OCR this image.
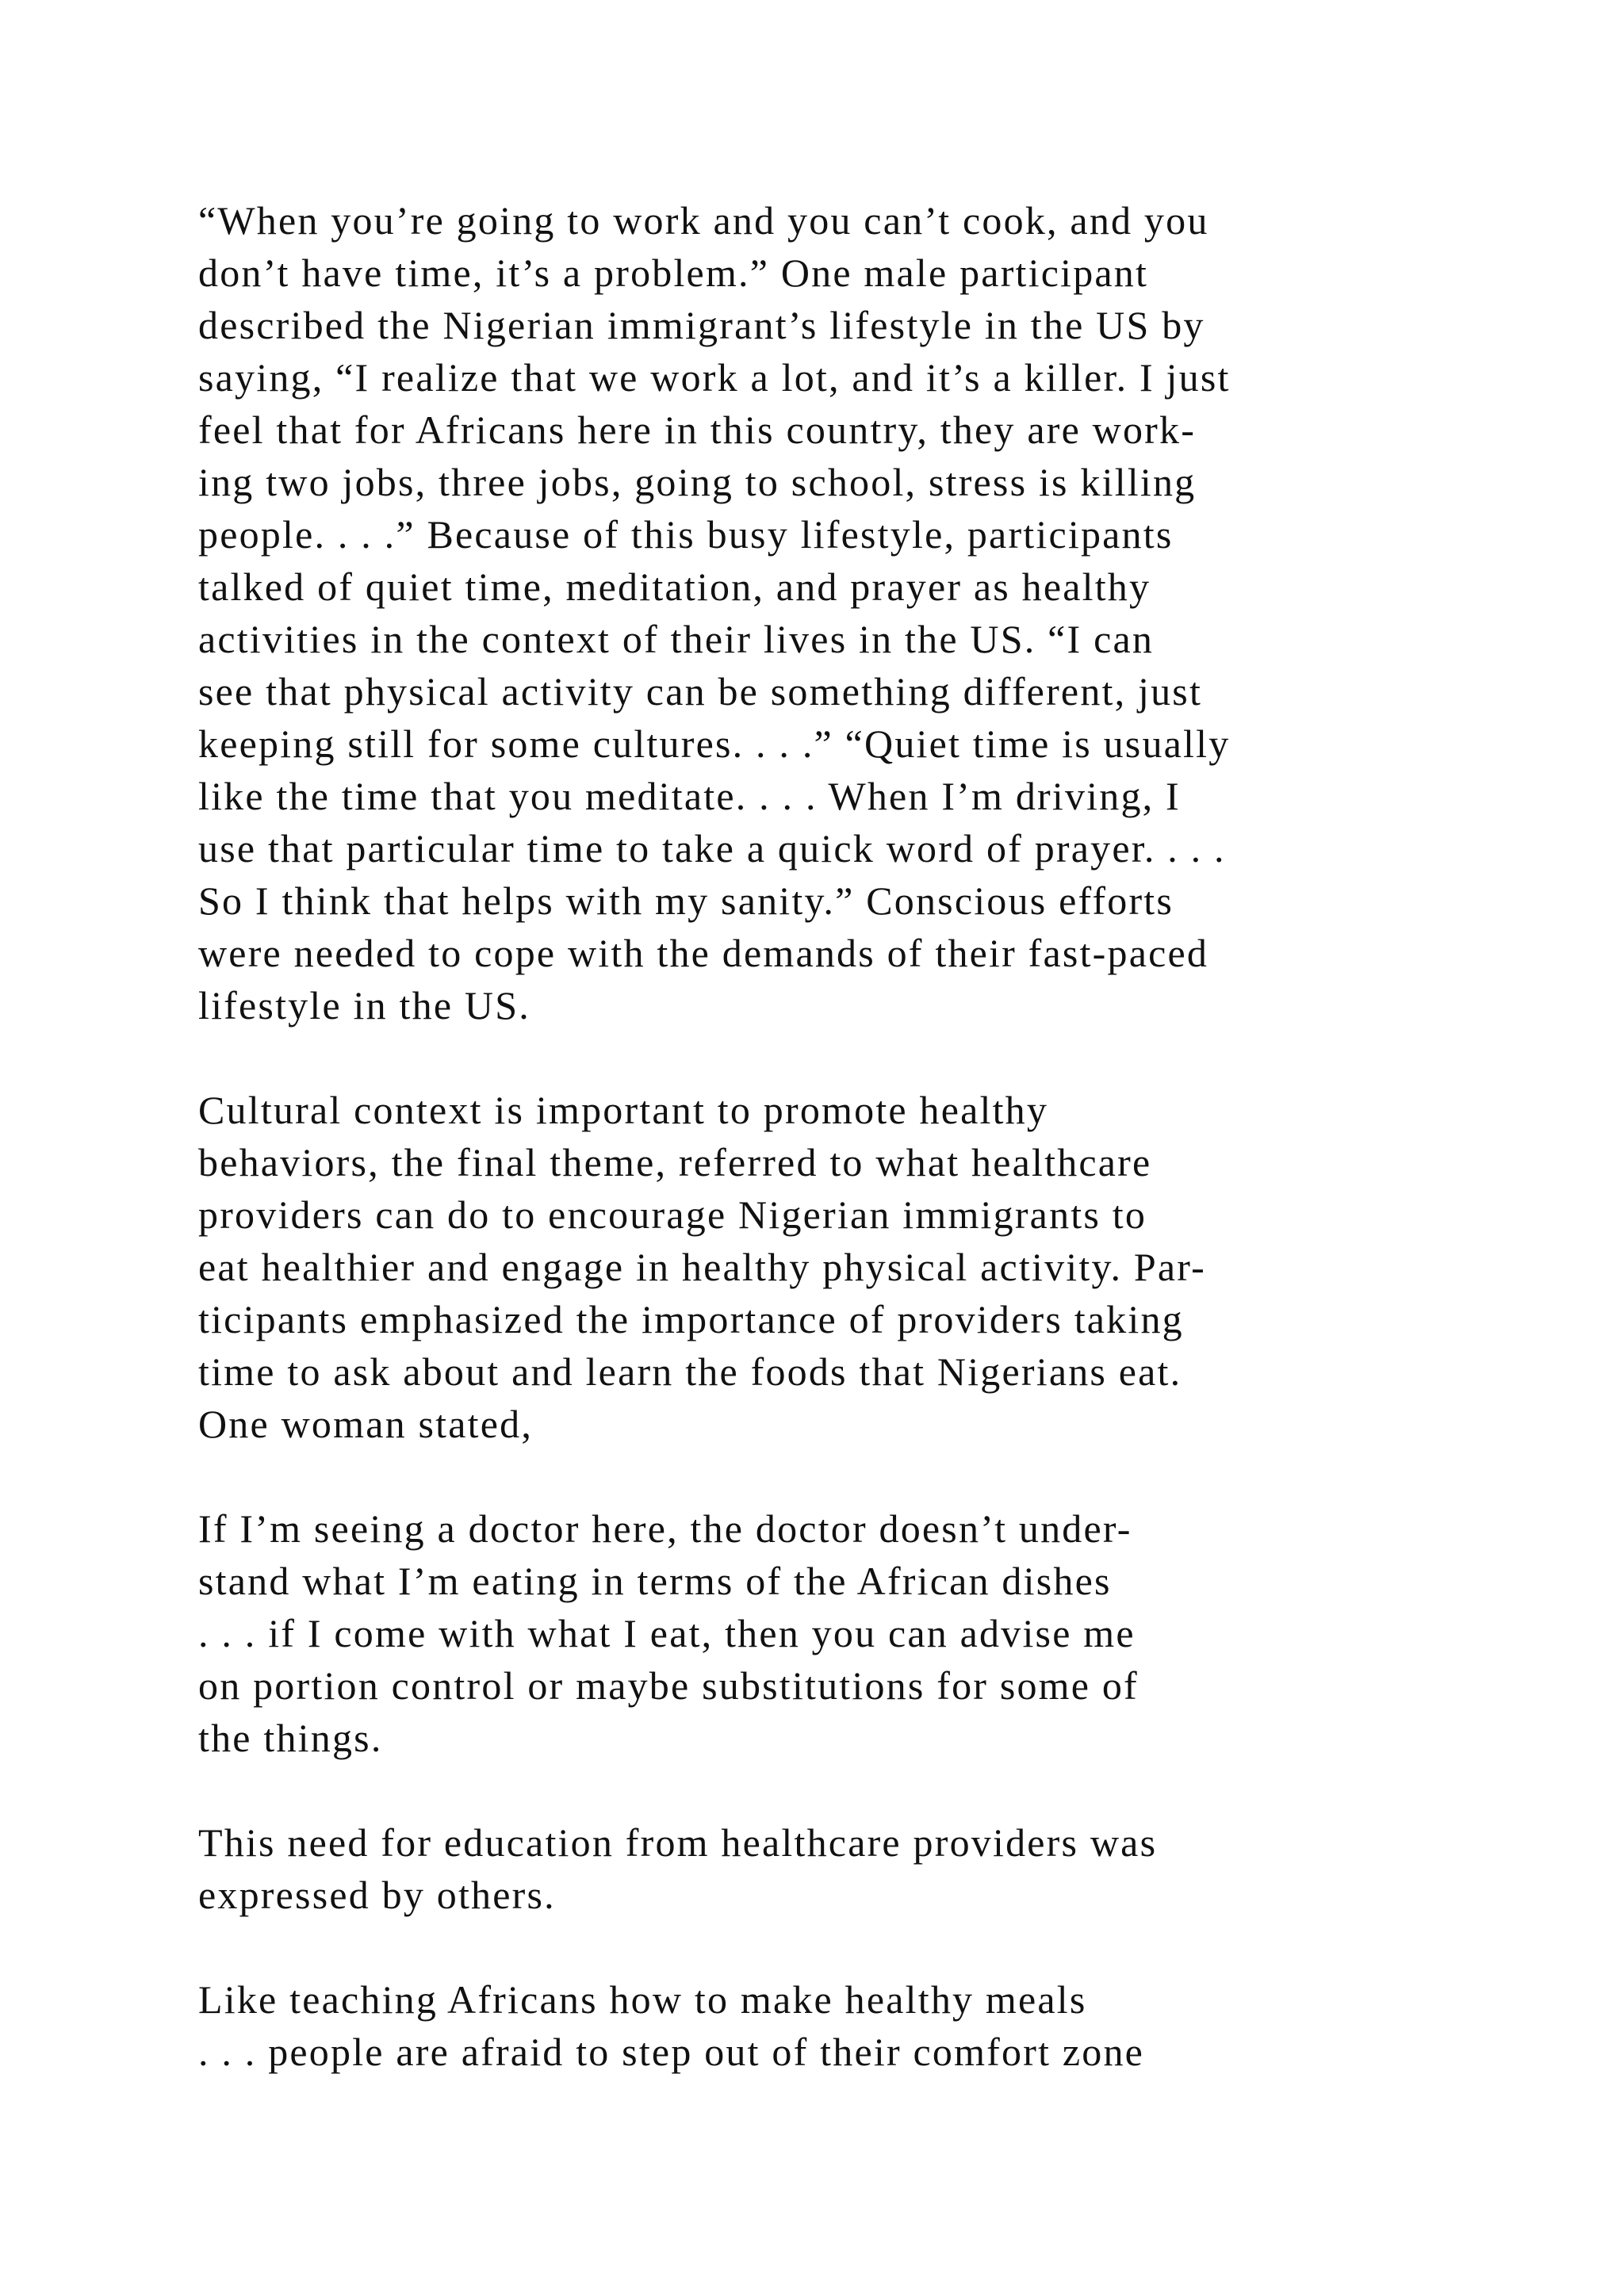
“When you’re going to work and you can’t cook, and you
don’t have time, it’s a problem.” One male participant
described the Nigerian immigrant’s lifestyle in the US by
saying, “I realize that we work a lot, and it’s a killer. I just
feel that for Africans here in this country, they are work-
ing two jobs, three jobs, going to school, stress is killing
people. . . .” Because of this busy lifestyle, participants
talked of quiet time, meditation, and prayer as healthy
activities in the context of their lives in the US. “I can
see that physical activity can be something different, just
keeping still for some cultures. . . .” “Quiet time is usually
like the time that you meditate. . . . When I’m driving, I
use that particular time to take a quick word of prayer. . . .
So I think that helps with my sanity.” Conscious efforts
were needed to cope with the demands of their fast-paced
lifestyle in the US.
Cultural context is important to promote healthy
behaviors, the final theme, referred to what healthcare
providers can do to encourage Nigerian immigrants to
eat healthier and engage in healthy physical activity. Par-
ticipants emphasized the importance of providers taking
time to ask about and learn the foods that Nigerians eat.
One woman stated,
If I’m seeing a doctor here, the doctor doesn’t under-
stand what I’m eating in terms of the African dishes
. . . if I come with what I eat, then you can advise me
on portion control or maybe substitutions for some of
the things.
This need for education from healthcare providers was
expressed by others.
Like teaching Africans how to make healthy meals
. . . people are afraid to step out of their comfort zone
